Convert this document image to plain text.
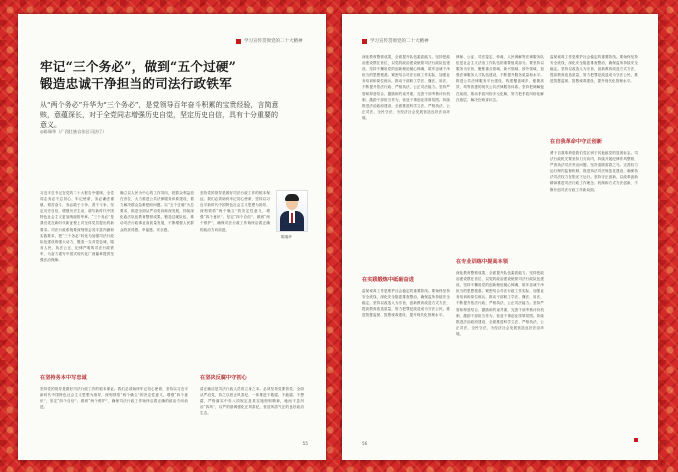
学习宣传贯彻党的二十大精神
牢记“三个务必”，做到“五个过硬”
锻造忠诚干净担当的司法行政铁军
从“两个务必”升华为“三个务必”，是党领导百年奋斗积累的宝贵经验，言简意赅，意蕴深长，对于全党同志增强历史自觉，坚定历史自信，具有十分重要的意义。
◎陈瑞华（广西壮族自治区司法厅）
习近平总书记在党的二十大报告中强调，全党同志务必不忘初心、牢记使命，务必谦虚谨慎、艰苦奋斗，务必敢于斗争、善于斗争，坚定历史自信，增强历史主动，谱写新时代中国特色社会主义更加绚丽的华章。“三个务必”是我们党在新时代新征程上对全体党员提出的新要求。司法行政系统要深刻领会其丰富内涵和实践要求，把“三个务必”转化为加强司法行政队伍建设的强大动力，锻造一支对党忠诚、服务人民、执法公正、纪律严明的司法行政铁军，为奋力谱写中国式现代化广西篇章提供坚强法治保障。
确立以人民为中心的工作导向，把群众利益放在首位，大力推进公共法律服务体系建设，着力解决群众急难愁盼问题。以“五个过硬”为总要求，推进全面从严治党向纵深发展，持续深化政法队伍教育整顿成果，锻造过硬队伍，推动司法行政事业高质量发展，不断增强人民群众的获得感、幸福感、安全感。
坚持党的领导是做好司法行政工作的根本保证。我们必须始终牢记初心使命，坚持以习近平新时代中国特色社会主义思想为指导，深刻领悟“两个确立”的决定性意义，增强“四个意识”、坚定“四个自信”、做到“两个维护”，确保司法行政工作始终沿着正确的政治方向前进。
陈瑞华
在坚持务本中写忠诚	在坚决反腐中守初心
坚持党的领导是做好司法行政工作的根本保证。我们必须始终牢记初心使命，坚持以习近平新时代中国特色社会主义思想为指导，深刻领悟“两个确立”的决定性意义，增强“四个意识”、坚定“四个自信”、做到“两个维护”，确保司法行政工作始终沿着正确的政治方向前进。
清正廉洁是司法行政人员的立身之本。必须坚持党要管党、全面从严治党，持之以恒正风肃纪，一体推进不敢腐、不能腐、不想腐，严格落实中央八项规定及其实施细则精神，驰而不息纠治“四风”，以严的基调强化正风肃纪，营造风清气正的良好政治生态。
55
学习宣传贯彻党的二十大精神
深化教育整顿成果，全面提升队伍素质能力。坚持把政治建设摆在首位，以党的政治建设统领司法行政队伍建设，坚持不懈用党的创新理论凝心铸魂，筑牢忠诚干净担当的思想根基。紧密结合司法行政工作实际，加强业务培训和岗位练兵，推动干部职工学法、懂法、用法，不断提升依法行政、严格执法、公正司法能力。坚持严管和厚爱结合、激励和约束并重，完善干部考核评价机制，激励干部担当作为，营造干事创业浓厚氛围。持续推进法治政府建设，全面推进科学立法、严格执法、公正司法、全民守法，为经济社会发展营造良好法治环境。
律师、公证、司法鉴定、仲裁、人民调解等法律服务队伍是社会主义法治工作队伍的重要组成部分。要坚持以服务为宗旨，聚焦重点领域、新兴领域、涉外领域，加强法律服务人才队伍建设，不断提升服务质量和水平。推进公共法律服务平台建设，构建覆盖城乡、便捷高效、均等普惠的现代公共法律服务体系。坚持把调解挺在前面，推动矛盾纠纷多元化解，努力把矛盾纠纷化解在基层、解决在萌芽状态。
监狱戒毒工作是维护社会稳定的重要防线。要始终坚持安全底线，深化安全隐患排查整治，确保监所持续安全稳定。坚持以改造人为宗旨，创新教育改造方式方法，提高教育改造质量，努力把罪犯改造成为守法公民。推进智慧监狱、智慧戒毒建设，提升现代化管理水平。
在自我革命中守正创新
勇于自我革命是我们党区别于其他政党的显著标志。司法行政机关要坚持刀刃向内，持续开展纪律作风整顿，严查执法司法突出问题，坚决清除害群之马。完善权力运行制约监督机制，推进执法司法规范化建设，确保执法司法权力在阳光下运行。坚持守正创新，以改革创新精神推进司法行政工作理念、机制和方式方法创新，不断开创司法行政工作新局面。
在专业训练中提高本领
深化教育整顿成果，全面提升队伍素质能力。坚持把政治建设摆在首位，以党的政治建设统领司法行政队伍建设，坚持不懈用党的创新理论凝心铸魂，筑牢忠诚干净担当的思想根基。紧密结合司法行政工作实际，加强业务培训和岗位练兵，推动干部职工学法、懂法、用法，不断提升依法行政、严格执法、公正司法能力。坚持严管和厚爱结合、激励和约束并重，完善干部考核评价机制，激励干部担当作为，营造干事创业浓厚氛围。持续推进法治政府建设，全面推进科学立法、严格执法、公正司法、全民守法，为经济社会发展营造良好法治环境。
在实践锻炼中砥砺奋进
监狱戒毒工作是维护社会稳定的重要防线。要始终坚持安全底线，深化安全隐患排查整治，确保监所持续安全稳定。坚持以改造人为宗旨，创新教育改造方式方法，提高教育改造质量，努力把罪犯改造成为守法公民。推进智慧监狱、智慧戒毒建设，提升现代化管理水平。
56
